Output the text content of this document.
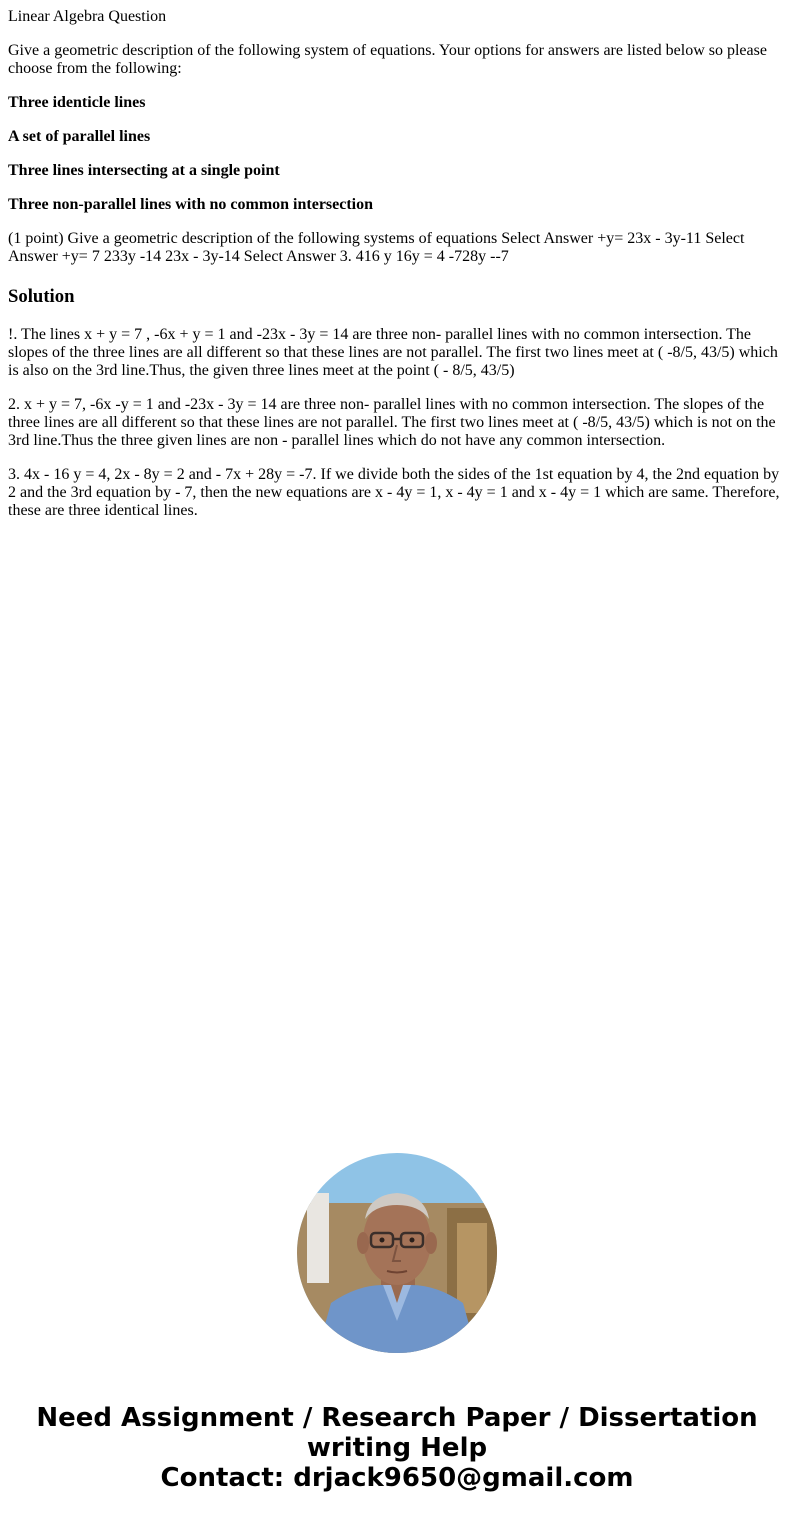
Linear Algebra Question

Give a geometric description of the following system of equations. Your options for answers are listed below so please choose from the following:

Three identicle lines

A set of parallel lines

Three lines intersecting at a single point

Three non-parallel lines with no common intersection

(1 point) Give a geometric description of the following systems of equations Select Answer +y= 23x - 3y-11 Select Answer +y= 7 233y -14 23x - 3y-14 Select Answer 3. 416 y 16y = 4 -728y --7

Solution

!. The lines x + y = 7 , -6x + y = 1 and -23x - 3y = 14 are three non- parallel lines with no common intersection. The slopes of the three lines are all different so that these lines are not parallel. The first two lines meet at ( -8/5, 43/5) which is also on the 3rd line.Thus, the given three lines meet at the point ( - 8/5, 43/5)

2. x + y = 7, -6x -y = 1 and -23x - 3y = 14 are three non- parallel lines with no common intersection. The slopes of the three lines are all different so that these lines are not parallel. The first two lines meet at ( -8/5, 43/5) which is not on the 3rd line.Thus the three given lines are non - parallel lines which do not have any common intersection.

3. 4x - 16 y = 4, 2x - 8y = 2 and - 7x + 28y = -7. If we divide both the sides of the 1st equation by 4, the 2nd equation by 2 and the 3rd equation by - 7, then the new equations are x - 4y = 1, x - 4y = 1 and x - 4y = 1 which are same. Therefore, these are three identical lines.

Need Assignment / Research Paper / Dissertation
writing Help
Contact: drjack9650@gmail.com
